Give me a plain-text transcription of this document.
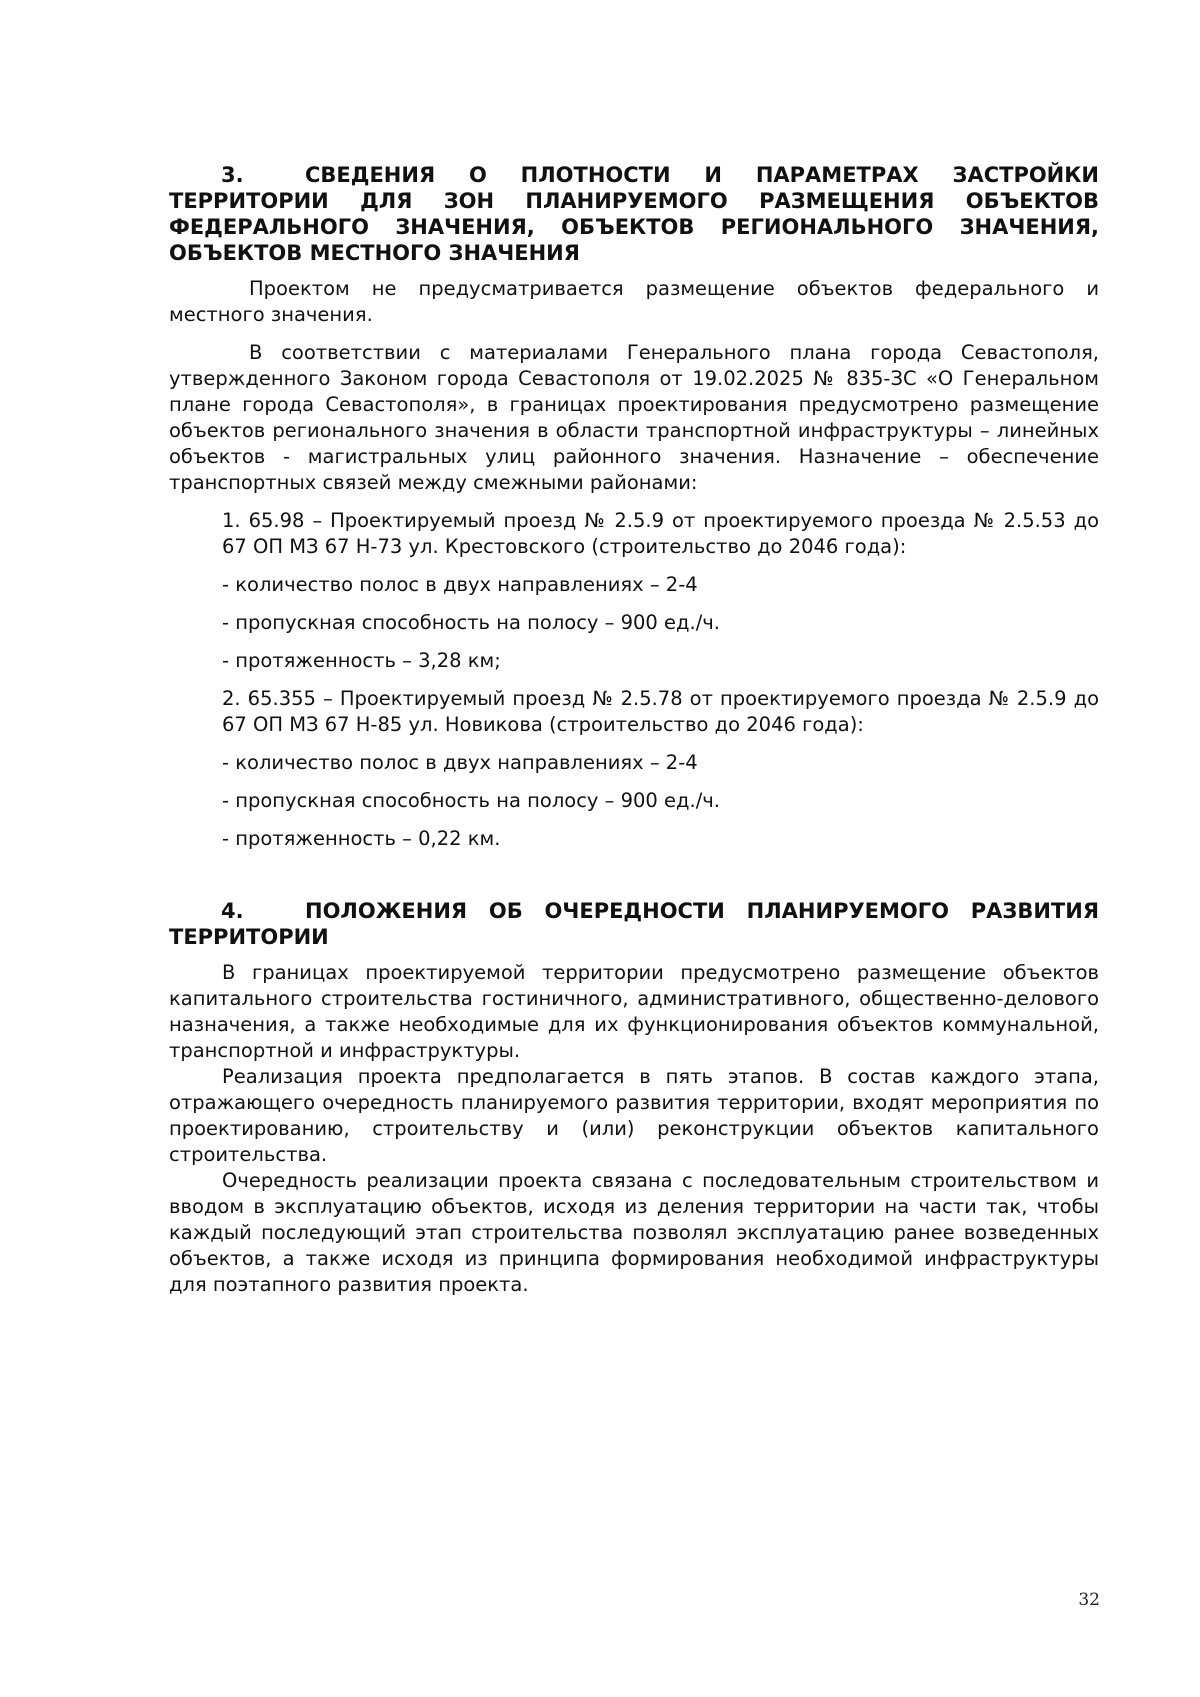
3.	СВЕДЕНИЯ О ПЛОТНОСТИ И ПАРАМЕТРАХ ЗАСТРОЙКИ ТЕРРИТОРИИ ДЛЯ ЗОН ПЛАНИРУЕМОГО РАЗМЕЩЕНИЯ ОБЪЕКТОВ ФЕДЕРАЛЬНОГО ЗНАЧЕНИЯ, ОБЪЕКТОВ РЕГИОНАЛЬНОГО ЗНАЧЕНИЯ, ОБЪЕКТОВ МЕСТНОГО ЗНАЧЕНИЯ

Проектом не предусматривается размещение объектов федерального и местного значения.

В соответствии с материалами Генерального плана города Севастополя, утвержденного Законом города Севастополя от 19.02.2025 № 835-ЗС «О Генеральном плане города Севастополя», в границах проектирования предусмотрено размещение объектов регионального значения в области транспортной инфраструктуры – линейных объектов - магистральных улиц районного значения. Назначение – обеспечение транспортных связей между смежными районами:

1. 65.98 – Проектируемый проезд № 2.5.9 от проектируемого проезда № 2.5.53 до 67 ОП МЗ 67 Н-73 ул. Крестовского (строительство до 2046 года):

- количество полос в двух направлениях – 2-4

- пропускная способность на полосу – 900 ед./ч.

- протяженность – 3,28 км;

2. 65.355 – Проектируемый проезд № 2.5.78 от проектируемого проезда № 2.5.9 до 67 ОП МЗ 67 Н-85 ул. Новикова (строительство до 2046 года):

- количество полос в двух направлениях – 2-4

- пропускная способность на полосу – 900 ед./ч.

- протяженность – 0,22 км.

4.	ПОЛОЖЕНИЯ ОБ ОЧЕРЕДНОСТИ ПЛАНИРУЕМОГО РАЗВИТИЯ ТЕРРИТОРИИ

В границах проектируемой территории предусмотрено размещение объектов капитального строительства гостиничного, административного, общественно-делового назначения, а также необходимые для их функционирования объектов коммунальной, транспортной и инфраструктуры.

Реализация проекта предполагается в пять этапов. В состав каждого этапа, отражающего очередность планируемого развития территории, входят мероприятия по проектированию, строительству и (или) реконструкции объектов капитального строительства.

Очередность реализации проекта связана с последовательным строительством и вводом в эксплуатацию объектов, исходя из деления территории на части так, чтобы каждый последующий этап строительства позволял эксплуатацию ранее возведенных объектов, а также исходя из принципа формирования необходимой инфраструктуры для поэтапного развития проекта.

32
